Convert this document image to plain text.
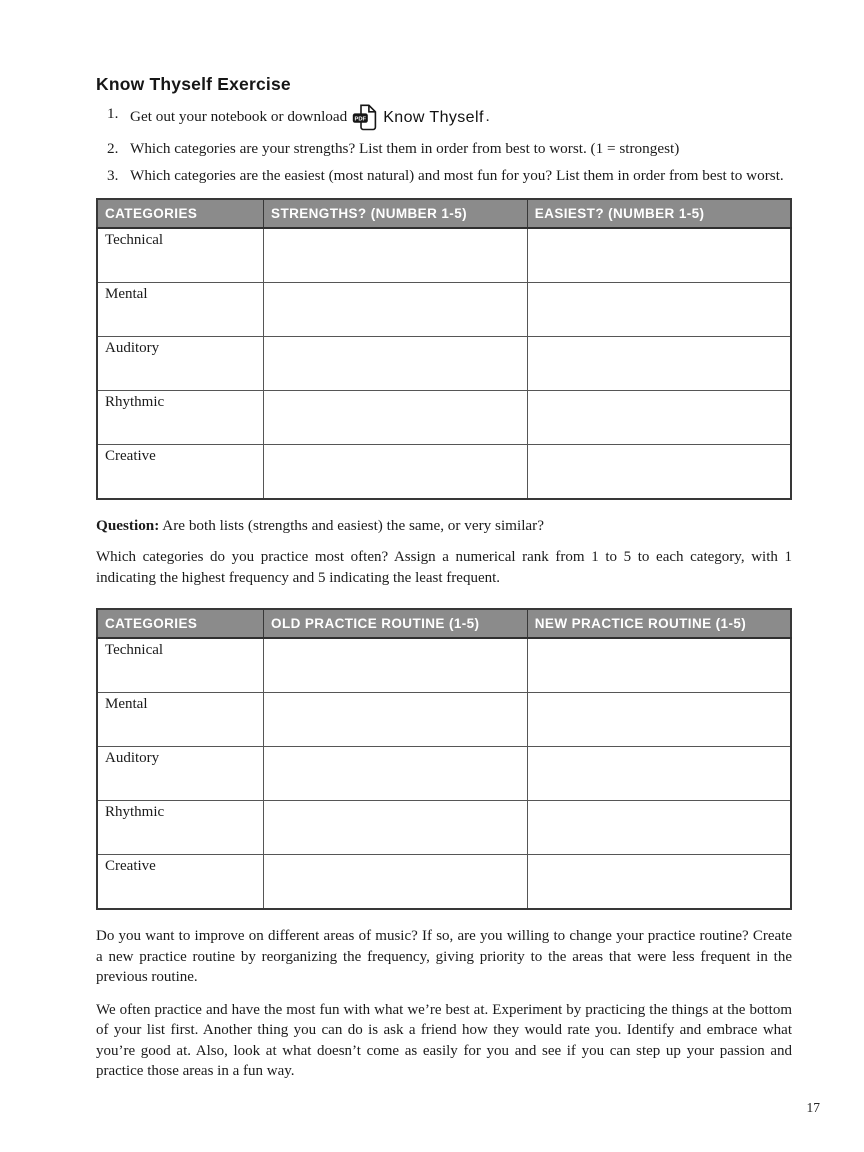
Know Thyself Exercise
1. Get out your notebook or download PDF Know Thyself .
2. Which categories are your strengths? List them in order from best to worst. (1 = strongest)
3. Which categories are the easiest (most natural) and most fun for you? List them in order from best to worst.
CATEGORIES	STRENGTHS? (NUMBER 1-5)	EASIEST? (NUMBER 1-5)
Technical		
Mental		
Auditory		
Rhythmic		
Creative		

Question: Are both lists (strengths and easiest) the same, or very similar?

Which categories do you practice most often? Assign a numerical rank from 1 to 5 to each category, with 1 indicating the highest frequency and 5 indicating the least frequent.

CATEGORIES	OLD PRACTICE ROUTINE (1-5)	NEW PRACTICE ROUTINE (1-5)
Technical		
Mental		
Auditory		
Rhythmic		
Creative		

Do you want to improve on different areas of music? If so, are you willing to change your practice routine? Create a new practice routine by reorganizing the frequency, giving priority to the areas that were less frequent in the previous routine.

We often practice and have the most fun with what we’re best at. Experiment by practicing the things at the bottom of your list first. Another thing you can do is ask a friend how they would rate you. Identify and embrace what you’re good at. Also, look at what doesn’t come as easily for you and see if you can step up your passion and practice those areas in a fun way.

17
